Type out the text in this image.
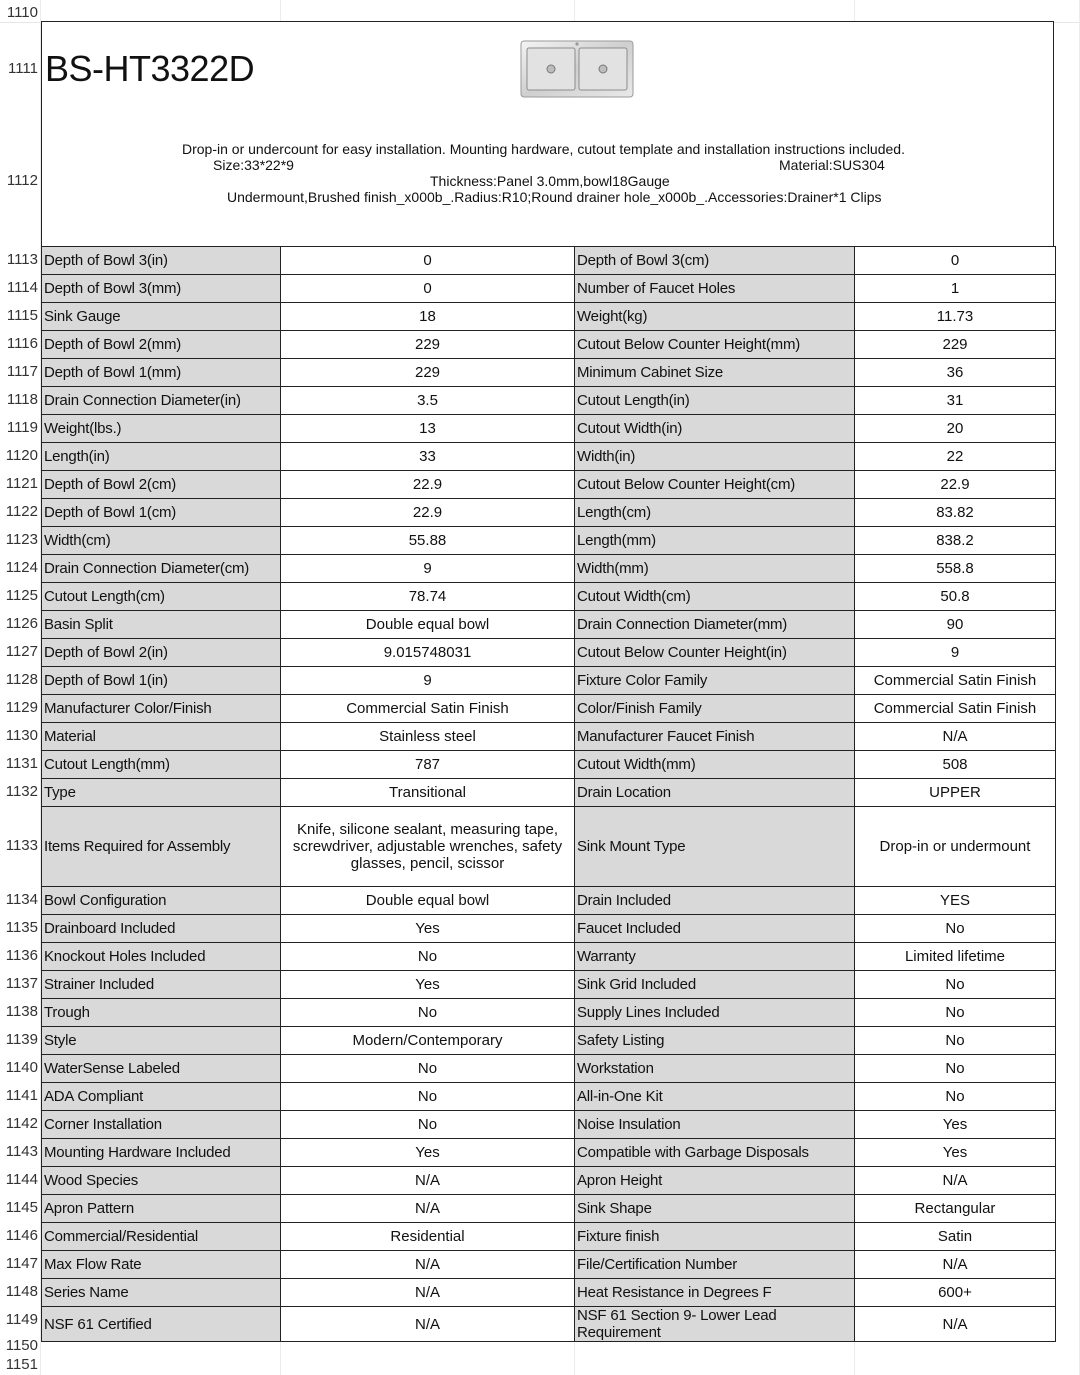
1110
1111
1112
BS-HT3322D
Drop-in or undercount for easy installation. Mounting hardware, cutout template and installation instructions included.
Size:33*22*9	Material:SUS304
Thickness:Panel 3.0mm,bowl18Gauge
Undermount,Brushed finish_x000b_.Radius:R10;Round drainer hole_x000b_.Accessories:Drainer*1 Clips
Depth of Bowl 3(in)	0	Depth of Bowl 3(cm)	0
Depth of Bowl 3(mm)	0	Number of Faucet Holes	1
Sink Gauge	18	Weight(kg)	11.73
Depth of Bowl 2(mm)	229	Cutout Below Counter Height(mm)	229
Depth of Bowl 1(mm)	229	Minimum Cabinet Size	36
Drain Connection Diameter(in)	3.5	Cutout Length(in)	31
Weight(lbs.)	13	Cutout Width(in)	20
Length(in)	33	Width(in)	22
Depth of Bowl 2(cm)	22.9	Cutout Below Counter Height(cm)	22.9
Depth of Bowl 1(cm)	22.9	Length(cm)	83.82
Width(cm)	55.88	Length(mm)	838.2
Drain Connection Diameter(cm)	9	Width(mm)	558.8
Cutout Length(cm)	78.74	Cutout Width(cm)	50.8
Basin Split	Double equal bowl	Drain Connection Diameter(mm)	90
Depth of Bowl 2(in)	9.015748031	Cutout Below Counter Height(in)	9
Depth of Bowl 1(in)	9	Fixture Color Family	Commercial Satin Finish
Manufacturer Color/Finish	Commercial Satin Finish	Color/Finish Family	Commercial Satin Finish
Material	Stainless steel	Manufacturer Faucet Finish	N/A
Cutout Length(mm)	787	Cutout Width(mm)	508
Type	Transitional	Drain Location	UPPER
Items Required for Assembly	Knife, silicone sealant, measuring tape, screwdriver, adjustable wrenches, safety glasses, pencil, scissor	Sink Mount Type	Drop-in or undermount
Bowl Configuration	Double equal bowl	Drain Included	YES
Drainboard Included	Yes	Faucet Included	No
Knockout Holes Included	No	Warranty	Limited lifetime
Strainer Included	Yes	Sink Grid Included	No
Trough	No	Supply Lines Included	No
Style	Modern/Contemporary	Safety Listing	No
WaterSense Labeled	No	Workstation	No
ADA Compliant	No	All-in-One Kit	No
Corner Installation	No	Noise Insulation	Yes
Mounting Hardware Included	Yes	Compatible with Garbage Disposals	Yes
Wood Species	N/A	Apron Height	N/A
Apron Pattern	N/A	Sink Shape	Rectangular
Commercial/Residential	Residential	Fixture finish	Satin
Max Flow Rate	N/A	File/Certification Number	N/A
Series Name	N/A	Heat Resistance in Degrees F	600+
NSF 61 Certified	N/A	NSF 61 Section 9- Lower Lead Requirement	N/A
1113
1114
1115
1116
1117
1118
1119
1120
1121
1122
1123
1124
1125
1126
1127
1128
1129
1130
1131
1132
1133
1134
1135
1136
1137
1138
1139
1140
1141
1142
1143
1144
1145
1146
1147
1148
1149
1150
1151
